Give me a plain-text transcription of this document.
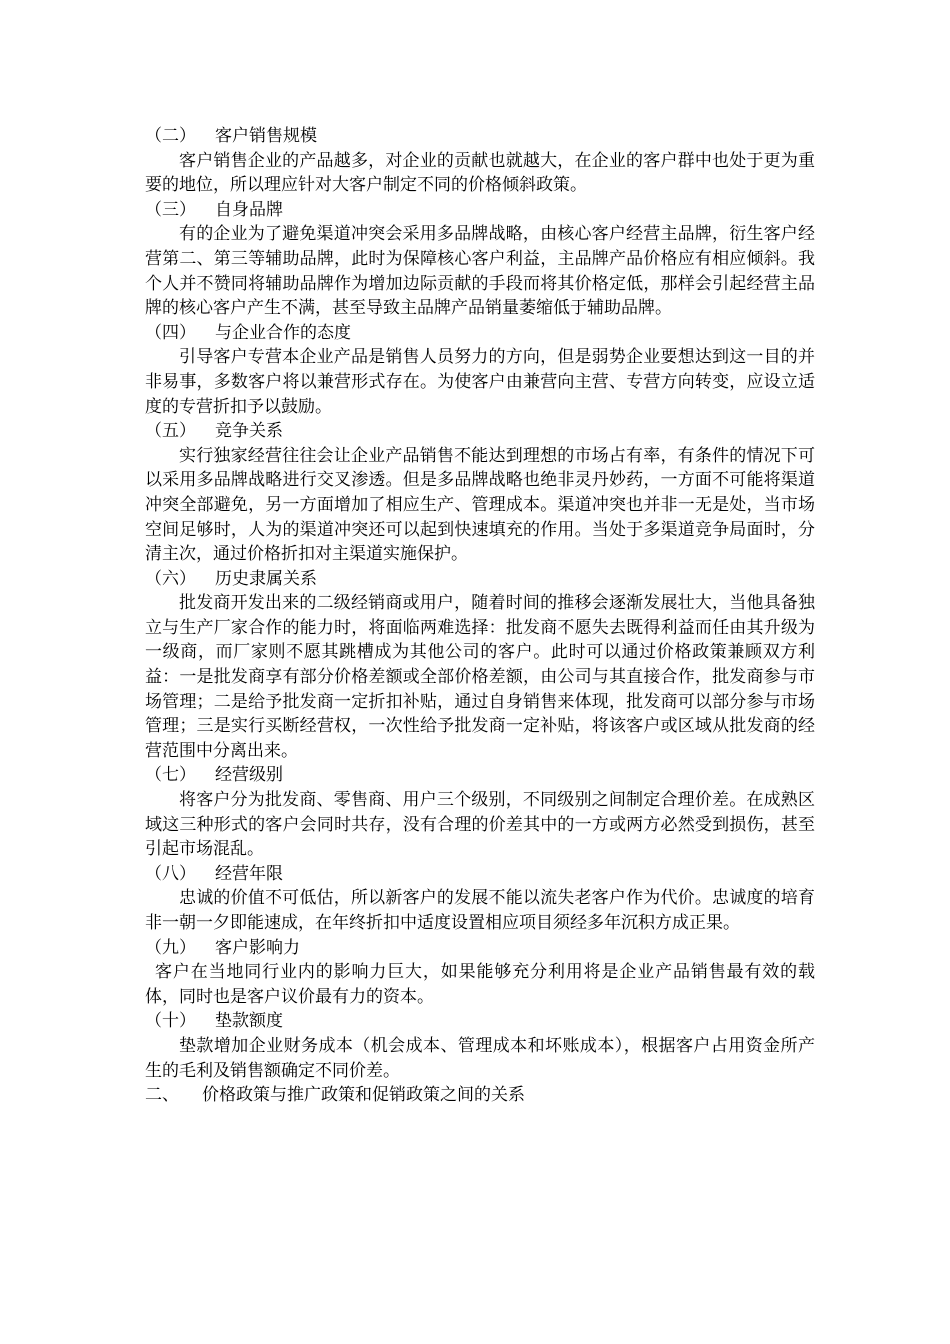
（二） 客户销售规模

客户销售企业的产品越多，对企业的贡献也就越大，在企业的客户群中也处于更为重要的地位，所以理应针对大客户制定不同的价格倾斜政策。

（三） 自身品牌

有的企业为了避免渠道冲突会采用多品牌战略，由核心客户经营主品牌，衍生客户经营第二、第三等辅助品牌，此时为保障核心客户利益，主品牌产品价格应有相应倾斜。我个人并不赞同将辅助品牌作为增加边际贡献的手段而将其价格定低，那样会引起经营主品牌的核心客户产生不满，甚至导致主品牌产品销量萎缩低于辅助品牌。

（四） 与企业合作的态度

引导客户专营本企业产品是销售人员努力的方向，但是弱势企业要想达到这一目的并非易事，多数客户将以兼营形式存在。为使客户由兼营向主营、专营方向转变，应设立适度的专营折扣予以鼓励。

（五） 竞争关系

实行独家经营往往会让企业产品销售不能达到理想的市场占有率，有条件的情况下可以采用多品牌战略进行交叉渗透。但是多品牌战略也绝非灵丹妙药，一方面不可能将渠道冲突全部避免，另一方面增加了相应生产、管理成本。渠道冲突也并非一无是处，当市场空间足够时，人为的渠道冲突还可以起到快速填充的作用。当处于多渠道竞争局面时，分清主次，通过价格折扣对主渠道实施保护。

（六） 历史隶属关系

批发商开发出来的二级经销商或用户，随着时间的推移会逐渐发展壮大，当他具备独立与生产厂家合作的能力时，将面临两难选择：批发商不愿失去既得利益而任由其升级为一级商，而厂家则不愿其跳槽成为其他公司的客户。此时可以通过价格政策兼顾双方利益：一是批发商享有部分价格差额或全部价格差额，由公司与其直接合作，批发商参与市场管理；二是给予批发商一定折扣补贴，通过自身销售来体现，批发商可以部分参与市场管理；三是实行买断经营权，一次性给予批发商一定补贴，将该客户或区域从批发商的经营范围中分离出来。

（七） 经营级别

将客户分为批发商、零售商、用户三个级别，不同级别之间制定合理价差。在成熟区域这三种形式的客户会同时共存，没有合理的价差其中的一方或两方必然受到损伤，甚至引起市场混乱。

（八） 经营年限

忠诚的价值不可低估，所以新客户的发展不能以流失老客户作为代价。忠诚度的培育非一朝一夕即能速成，在年终折扣中适度设置相应项目须经多年沉积方成正果。

（九） 客户影响力

客户在当地同行业内的影响力巨大，如果能够充分利用将是企业产品销售最有效的载体，同时也是客户议价最有力的资本。

（十） 垫款额度

垫款增加企业财务成本（机会成本、管理成本和坏账成本），根据客户占用资金所产生的毛利及销售额确定不同价差。

二、 价格政策与推广政策和促销政策之间的关系
